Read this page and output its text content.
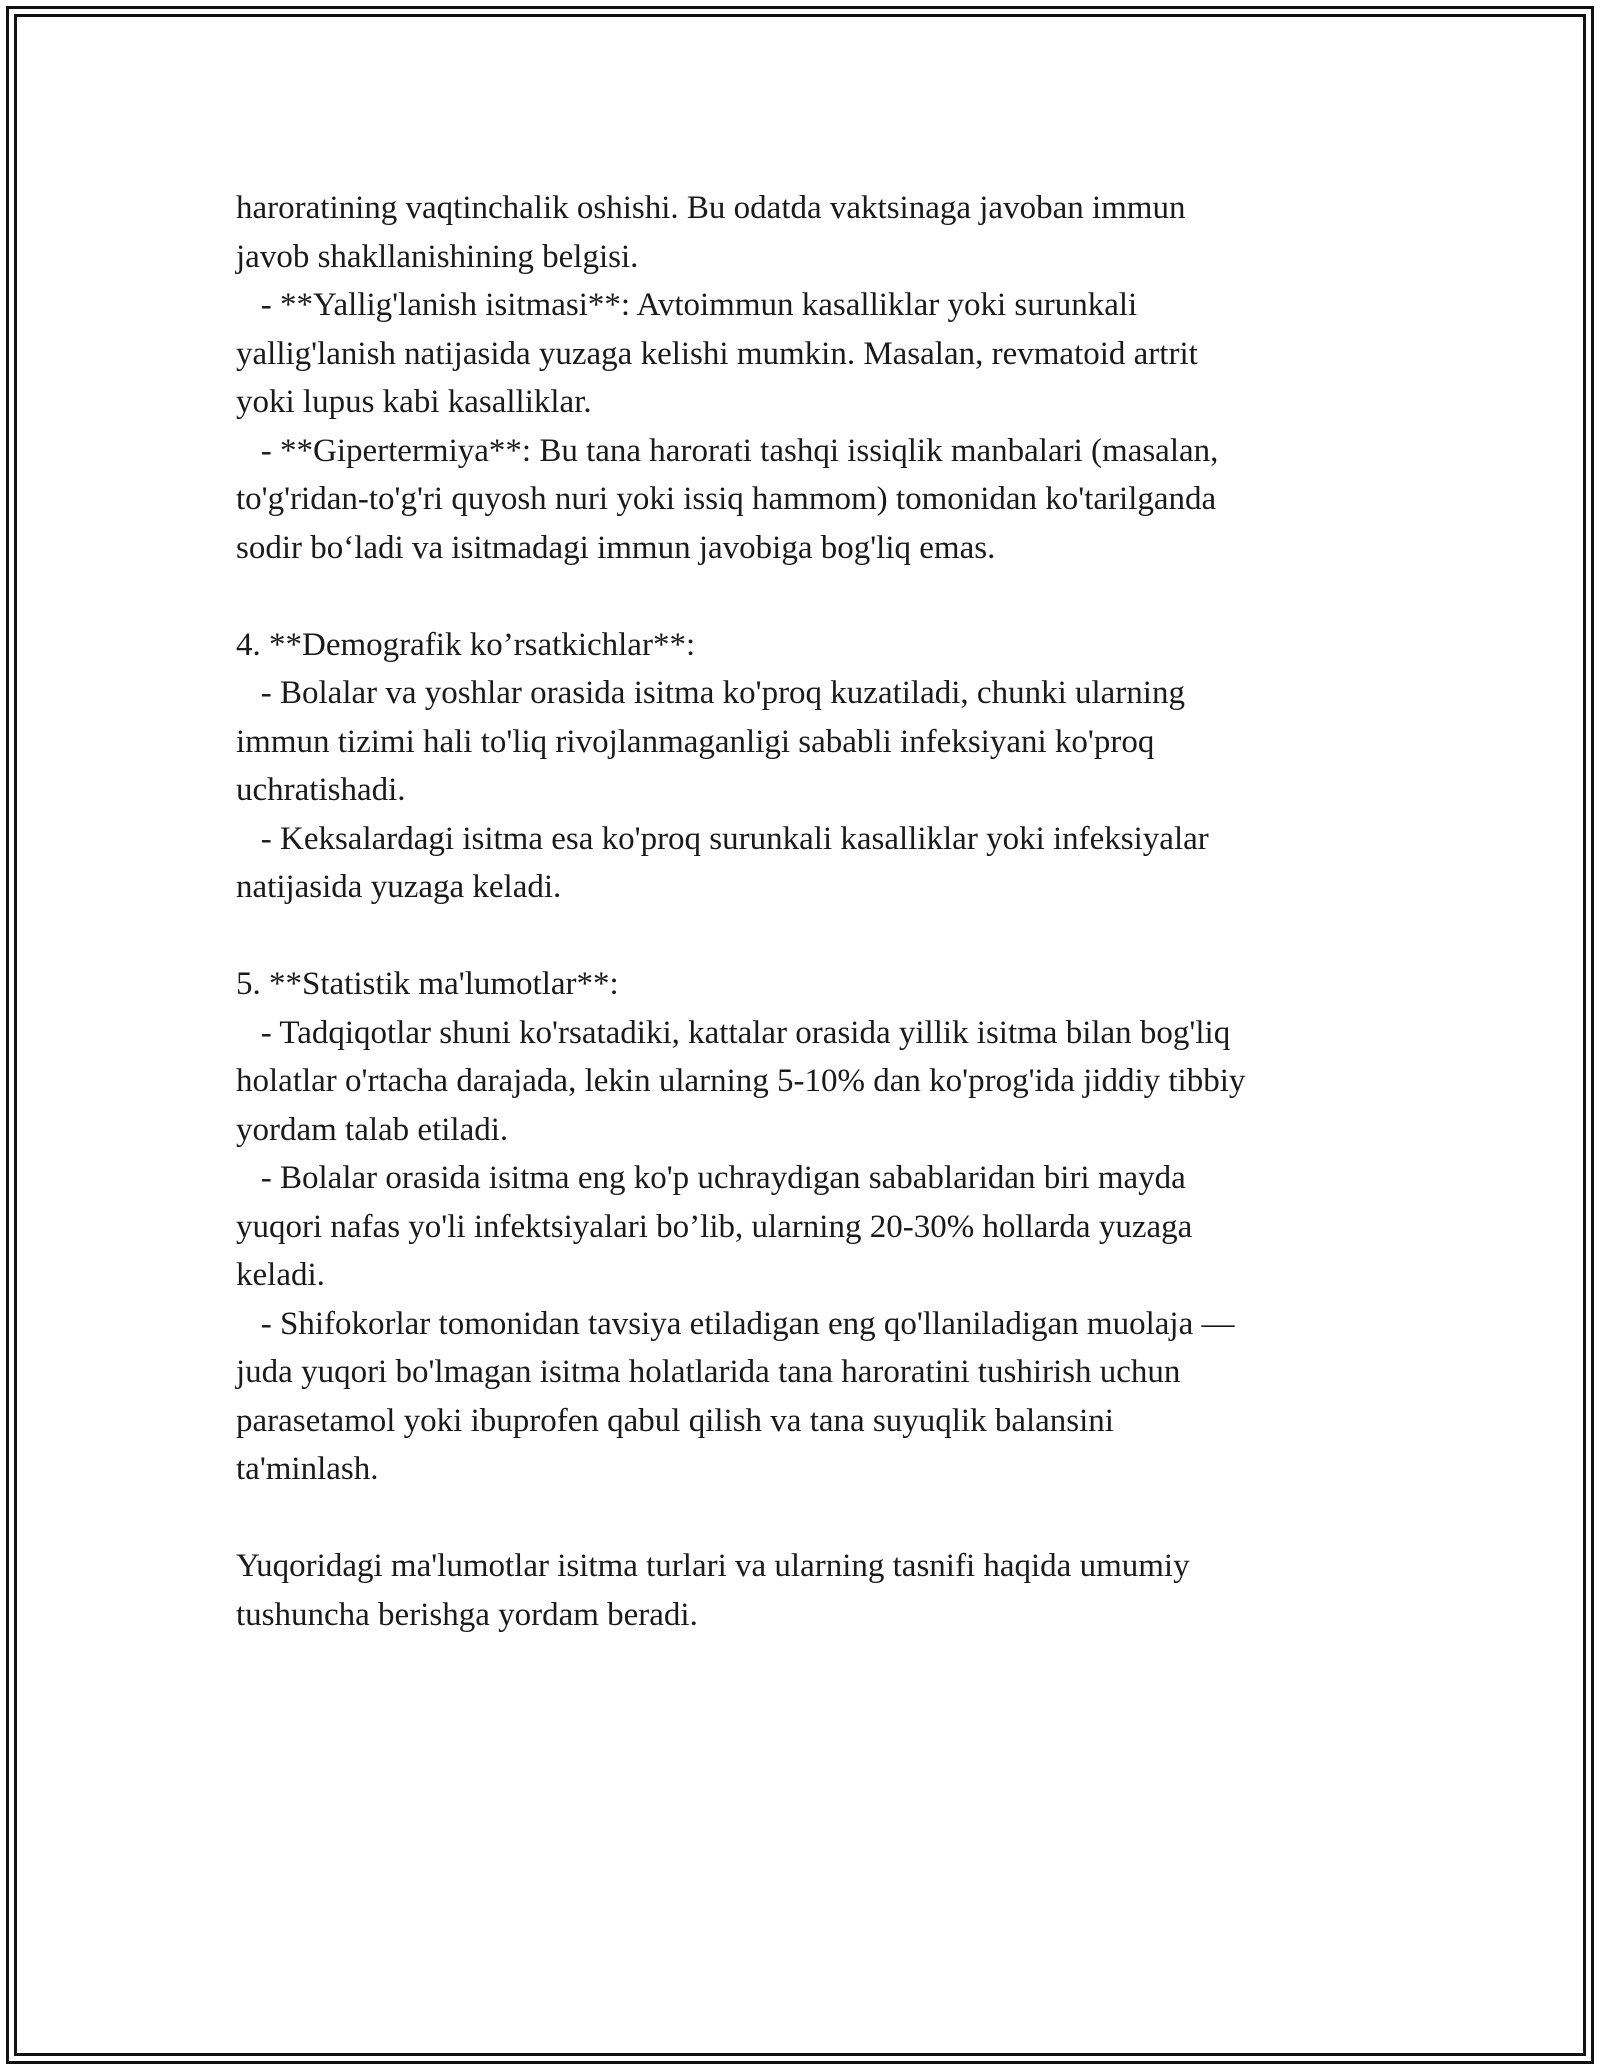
haroratining vaqtinchalik oshishi. Bu odatda vaktsinaga javoban immun
javob shakllanishining belgisi.
- **Yallig'lanish isitmasi**: Avtoimmun kasalliklar yoki surunkali
yallig'lanish natijasida yuzaga kelishi mumkin. Masalan, revmatoid artrit
yoki lupus kabi kasalliklar.
- **Gipertermiya**: Bu tana harorati tashqi issiqlik manbalari (masalan,
to'g'ridan-to'g'ri quyosh nuri yoki issiq hammom) tomonidan ko'tarilganda
sodir bo‘ladi va isitmadagi immun javobiga bog'liq emas.
4. **Demografik ko’rsatkichlar**:
- Bolalar va yoshlar orasida isitma ko'proq kuzatiladi, chunki ularning
immun tizimi hali to'liq rivojlanmaganligi sababli infeksiyani ko'proq
uchratishadi.
- Keksalardagi isitma esa ko'proq surunkali kasalliklar yoki infeksiyalar
natijasida yuzaga keladi.
5. **Statistik ma'lumotlar**:
- Tadqiqotlar shuni ko'rsatadiki, kattalar orasida yillik isitma bilan bog'liq
holatlar o'rtacha darajada, lekin ularning 5-10% dan ko'prog'ida jiddiy tibbiy
yordam talab etiladi.
- Bolalar orasida isitma eng ko'p uchraydigan sabablaridan biri mayda
yuqori nafas yo'li infektsiyalari bo’lib, ularning 20-30% hollarda yuzaga
keladi.
- Shifokorlar tomonidan tavsiya etiladigan eng qo'llaniladigan muolaja —
juda yuqori bo'lmagan isitma holatlarida tana haroratini tushirish uchun
parasetamol yoki ibuprofen qabul qilish va tana suyuqlik balansini
ta'minlash.
Yuqoridagi ma'lumotlar isitma turlari va ularning tasnifi haqida umumiy
tushuncha berishga yordam beradi.
